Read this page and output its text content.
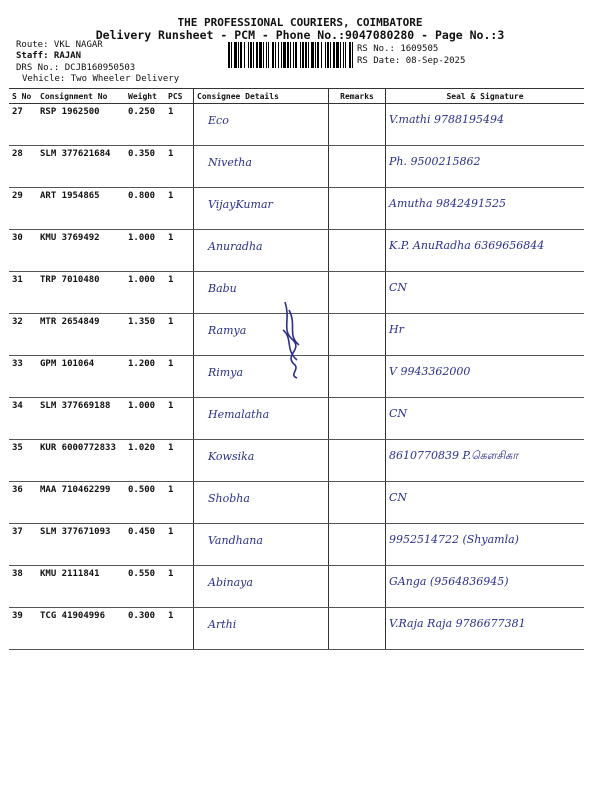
THE PROFESSIONAL COURIERS, COIMBATORE
Delivery Runsheet - PCM - Phone No.:9047080280 - Page No.:3
Route: VKL NAGAR
Staff: RAJAN
DRS No.: DCJB160950503
Vehicle: Two Wheeler Delivery
RS No.: 1609505
RS Date: 08-Sep-2025
S No	Consignment No	Weight	PCS	Consignee Details	Remarks	Seal & Signature
27	RSP 1962500	0.250	1	Eco		V.mathi 9788195494
28	SLM 377621684	0.350	1	Nivetha		Ph. 9500215862
29	ART 1954865	0.800	1	VijayKumar		Amutha 9842491525
30	KMU 3769492	1.000	1	Anuradha		K.P. AnuRadha 6369656844
31	TRP 7010480	1.000	1	Babu		CN
32	MTR 2654849	1.350	1	Ramya		Hr
33	GPM 101064	1.200	1	Rimya		V 9943362000
34	SLM 377669188	1.000	1	Hemalatha		CN
35	KUR 6000772833	1.020	1	Kowsika		8610770839 P.கௌசிகா
36	MAA 710462299	0.500	1	Shobha		CN
37	SLM 377671093	0.450	1	Vandhana		9952514722 (Shyamla)
38	KMU 2111841	0.550	1	Abinaya		GAnga (9564836945)
39	TCG 41904996	0.300	1	Arthi		V.Raja Raja 9786677381
